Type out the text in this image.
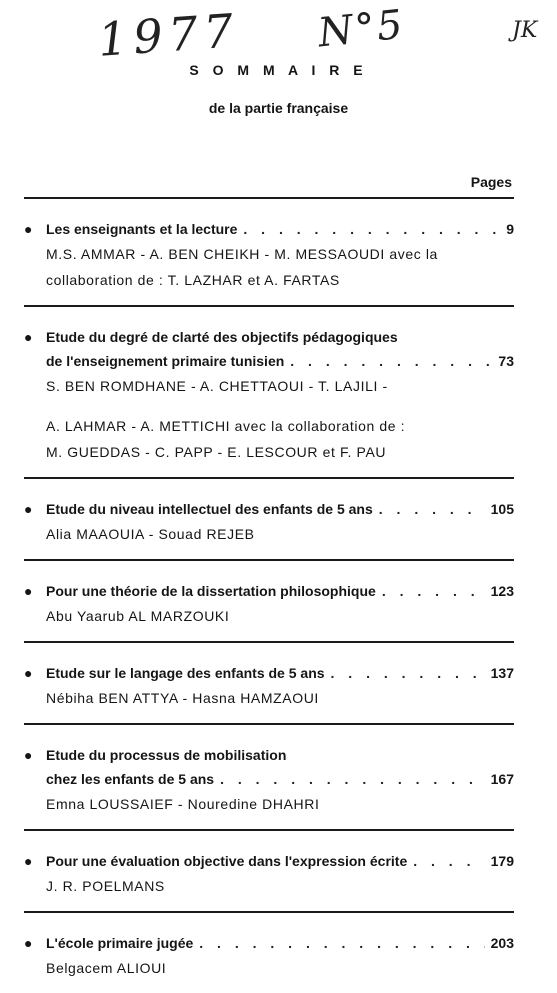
1977 N°5	JK
S O M M A I R E
de la partie française
Pages
● Les enseignants et la lecture . . .	9
M.S. AMMAR - A. BEN CHEIKH - M. MESSAOUDI avec la
collaboration de : T. LAZHAR et A. FARTAS
● Etude du degré de clarté des objectifs pédagogiques
de l'enseignement primaire tunisien . . .	73
S. BEN ROMDHANE - A. CHETTAOUI - T. LAJILI -
A. LAHMAR - A. METTICHI avec la collaboration de :
M. GUEDDAS - C. PAPP - E. LESCOUR et F. PAU
● Etude du niveau intellectuel des enfants de 5 ans . . .	105
Alia MAAOUIA - Souad REJEB
● Pour une théorie de la dissertation philosophique . . .	123
Abu Yaarub AL MARZOUKI
● Etude sur le langage des enfants de 5 ans . . .	137
Nébiha BEN ATTYA - Hasna HAMZAOUI
● Etude du processus de mobilisation
chez les enfants de 5 ans . . .	167
Emna LOUSSAIEF - Nouredine DHAHRI
● Pour une évaluation objective dans l'expression écrite . . .	179
J. R. POELMANS
● L'école primaire jugée . . .	203
Belgacem ALIOUI
